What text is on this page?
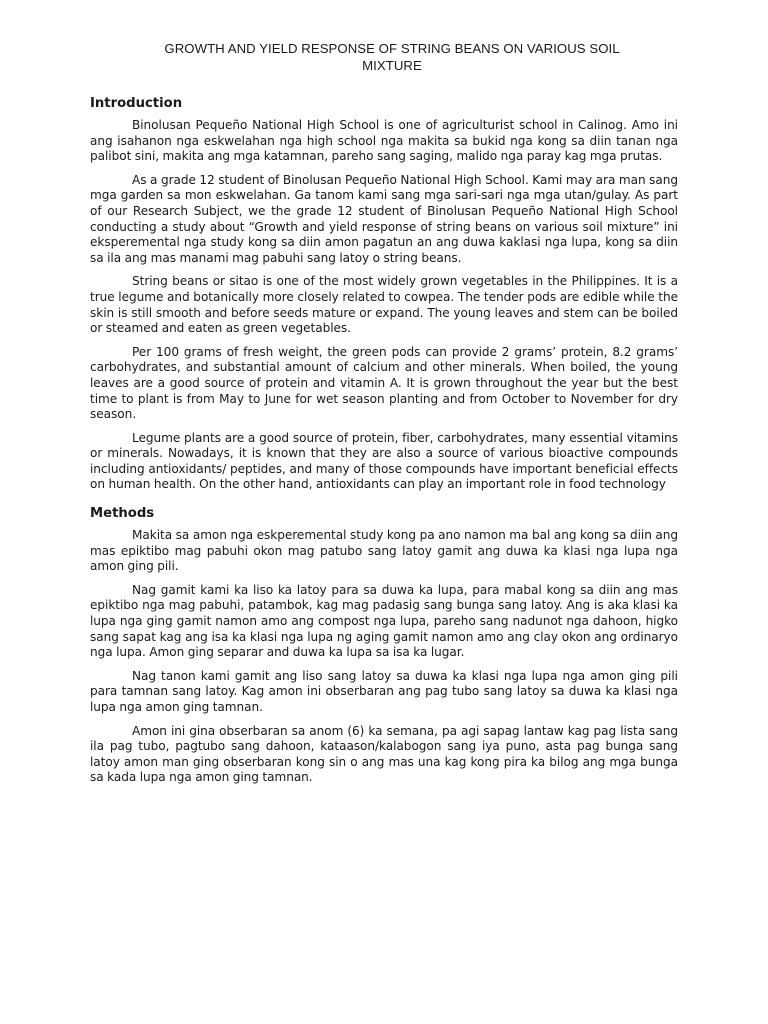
GROWTH AND YIELD RESPONSE OF STRING BEANS ON VARIOUS SOIL
MIXTURE
Introduction

Binolusan Pequeño National High School is one of agriculturist school in Calinog. Amo ini ang isahanon nga eskwelahan nga high school nga makita sa bukid nga kong sa diin tanan nga palibot sini, makita ang mga katamnan, pareho sang saging, malido nga paray kag mga prutas.

As a grade 12 student of Binolusan Pequeño National High School. Kami may ara man sang mga garden sa mon eskwelahan. Ga tanom kami sang mga sari-sari nga mga utan/gulay. As part of our Research Subject, we the grade 12 student of Binolusan Pequeño National High School conducting a study about “Growth and yield response of string beans on various soil mixture” ini eksperemental nga study kong sa diin amon pagatun an ang duwa kaklasi nga lupa, kong sa diin sa ila ang mas manami mag pabuhi sang latoy o string beans.

String beans or sitao is one of the most widely grown vegetables in the Philippines. It is a true legume and botanically more closely related to cowpea. The tender pods are edible while the skin is still smooth and before seeds mature or expand. The young leaves and stem can be boiled or steamed and eaten as green vegetables.

Per 100 grams of fresh weight, the green pods can provide 2 grams’ protein, 8.2 grams’ carbohydrates, and substantial amount of calcium and other minerals. When boiled, the young leaves are a good source of protein and vitamin A. It is grown throughout the year but the best time to plant is from May to June for wet season planting and from October to November for dry season.

Legume plants are a good source of protein, fiber, carbohydrates, many essential vitamins or minerals. Nowadays, it is known that they are also a source of various bioactive compounds including antioxidants/ peptides, and many of those compounds have important beneficial effects on human health. On the other hand, antioxidants can play an important role in food technology

Methods

Makita sa amon nga eskperemental study kong pa ano namon ma bal ang kong sa diin ang mas epiktibo mag pabuhi okon mag patubo sang latoy gamit ang duwa ka klasi nga lupa nga amon ging pili.

Nag gamit kami ka liso ka latoy para sa duwa ka lupa, para mabal kong sa diin ang mas epiktibo nga mag pabuhi, patambok, kag mag padasig sang bunga sang latoy. Ang is aka klasi ka lupa nga ging gamit namon amo ang compost nga lupa, pareho sang nadunot nga dahoon, higko sang sapat kag ang isa ka klasi nga lupa ng aging gamit namon amo ang clay okon ang ordinaryo nga lupa. Amon ging separar and duwa ka lupa sa isa ka lugar.

Nag tanon kami gamit ang liso sang latoy sa duwa ka klasi nga lupa nga amon ging pili para tamnan sang latoy. Kag amon ini obserbaran ang pag tubo sang latoy sa duwa ka klasi nga lupa nga amon ging tamnan.

Amon ini gina obserbaran sa anom (6) ka semana, pa agi sapag lantaw kag pag lista sang ila pag tubo, pagtubo sang dahoon, kataason/kalabogon sang iya puno, asta pag bunga sang latoy amon man ging obserbaran kong sin o ang mas una kag kong pira ka bilog ang mga bunga sa kada lupa nga amon ging tamnan.
